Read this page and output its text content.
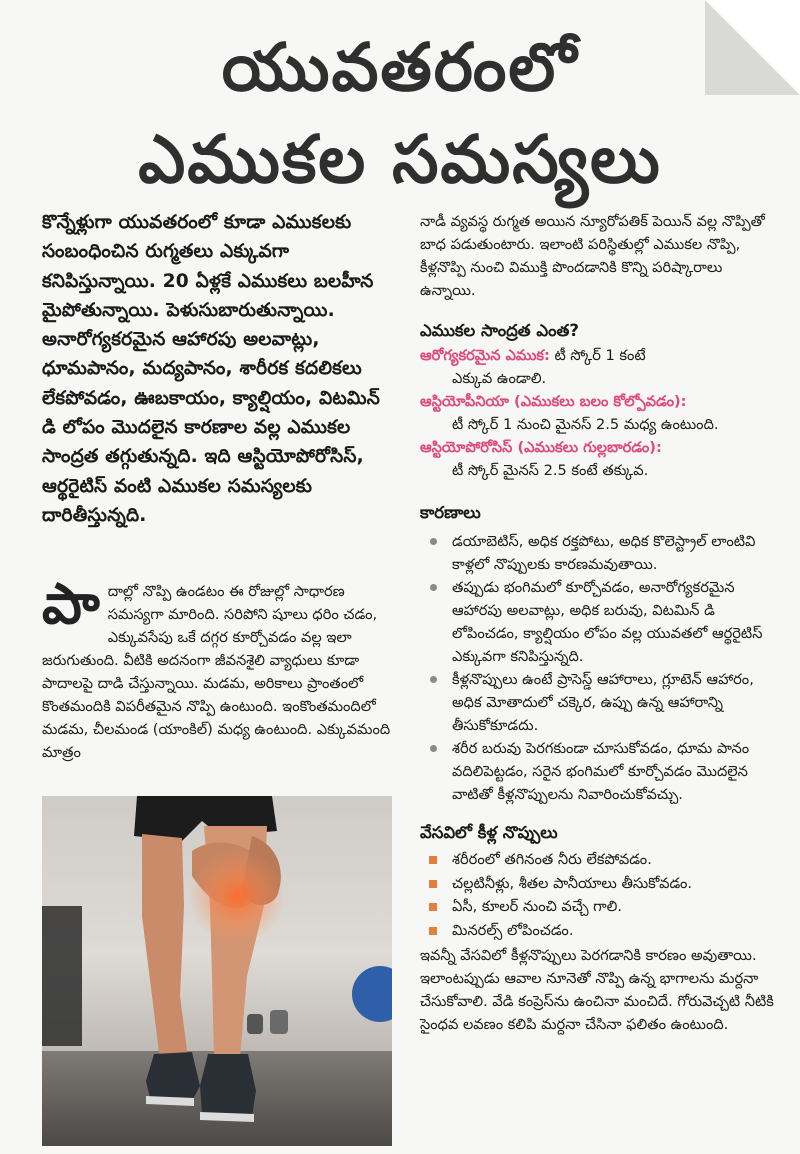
యువతరంలో
ఎముకల సమస్యలు

కొన్నేళ్లుగా యువతరంలో కూడా ఎముకలకు సంబంధించిన రుగ్మతలు ఎక్కువగా కనిపిస్తున్నాయి. 20 ఏళ్లకే ఎముకలు బలహీన మైపోతున్నాయి. పెళుసుబారుతున్నాయి. అనారోగ్యకరమైన ఆహారపు అలవాట్లు, ధూమపానం, మద్యపానం, శారీరక కదలికలు లేకపోవడం, ఊబకాయం, క్యాల్షియం, విటమిన్ డి లోపం మొదలైన కారణాల వల్ల ఎముకల సాంద్రత తగ్గుతున్నది. ఇది ఆస్టియోపోరోసిస్, ఆర్థరైటిస్ వంటి ఎముకల సమస్యలకు దారితీస్తున్నది.

పా దాల్లో నొప్పి ఉండటం ఈ రోజుల్లో సాధారణ సమస్యగా మారింది. సరిపోని షూలు ధరిం చడం, ఎక్కువసేపు ఒకే దగ్గర కూర్చోవడం వల్ల ఇలా జరుగుతుంది. వీటికి అదనంగా జీవనశైలి వ్యాధులు కూడా పాదాలపై దాడి చేస్తున్నాయి. మడమ, అరికాలు ప్రాంతంలో కొంతమందికి విపరీతమైన నొప్పి ఉంటుంది. ఇంకొంతమందిలో మడమ, చీలమండ (యాంకిల్) మధ్య ఉంటుంది. ఎక్కువమంది మాత్రం

నాడీ వ్యవస్థ రుగ్మత అయిన న్యూరోపతిక్ పెయిన్ వల్ల నొప్పితో బాధ పడుతుంటారు. ఇలాంటి పరిస్థితుల్లో ఎముకల నొప్పి, కీళ్లనొప్పి నుంచి విముక్తి పొందడానికి కొన్ని పరిష్కారాలు ఉన్నాయి.

ఎముకల సాంద్రత ఎంత?

ఆరోగ్యకరమైన ఎముక: టీ స్కోర్ 1 కంటే

ఎక్కువ ఉండాలి.

ఆస్టియోపీనియా (ఎముకలు బలం కోల్పోవడం):

టీ స్కోర్ 1 నుంచి మైనస్ 2.5 మధ్య ఉంటుంది.

ఆస్టియోపోరోసిస్ (ఎముకలు గుల్లబారడం):

టీ స్కోర్ మైనస్ 2.5 కంటే తక్కువ.

కారణాలు
డయాబెటిస్, అధిక రక్తపోటు, అధిక కొలెస్ట్రాల్ లాంటివి కాళ్లలో నొప్పులకు కారణమవుతాయి.
తప్పుడు భంగిమలో కూర్చోవడం, అనారోగ్యకరమైన ఆహారపు అలవాట్లు, అధిక బరువు, విటమిన్ డి లోపించడం, క్యాల్షియం లోపం వల్ల యువతలో ఆర్థరైటిస్ ఎక్కువగా కనిపిస్తున్నది.
కీళ్లనొప్పులు ఉంటే ప్రాసెస్డ్ ఆహారాలు, గ్లూటెన్ ఆహారం, అధిక మోతాదులో చక్కెర, ఉప్పు ఉన్న ఆహారాన్ని తీసుకోకూడదు.
శరీర బరువు పెరగకుండా చూసుకోవడం, ధూమ పానం వదిలిపెట్టడం, సరైన భంగిమలో కూర్చోవడం మొదలైన వాటితో కీళ్లనొప్పులను నివారించుకోవచ్చు.
వేసవిలో కీళ్ల నొప్పులు
శరీరంలో తగినంత నీరు లేకపోవడం.
చల్లటినీళ్లు, శీతల పానీయాలు తీసుకోవడం.
ఏసీ, కూలర్ నుంచి వచ్చే గాలి.
మినరల్స్ లోపించడం.

ఇవన్నీ వేసవిలో కీళ్లనొప్పులు పెరగడానికి కారణం అవుతాయి. ఇలాంటప్పుడు ఆవాల నూనెతో నొప్పి ఉన్న భాగాలను మర్దనా చేసుకోవాలి. వేడి కంప్రెస్‌ను ఉంచినా మంచిదే. గోరువెచ్చటి నీటికి సైంధవ లవణం కలిపి మర్దనా చేసినా ఫలితం ఉంటుంది.
